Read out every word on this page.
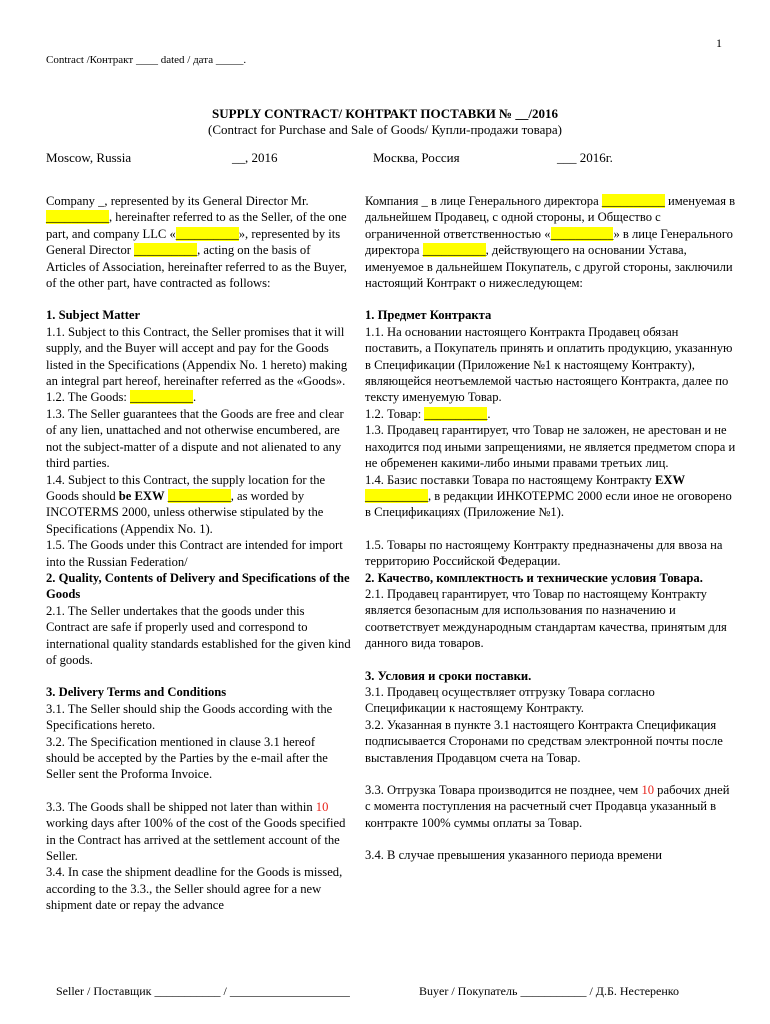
1
Contract /Контракт ____ dated / дата _____.
SUPPLY CONTRACT/ КОНТРАКТ ПОСТАВКИ № __/2016
(Contract for Purchase and Sale of Goods/ Купли-продажи товара)
Moscow, Russia	__, 2016	Москва, Россия	___ 2016г.

Company _, represented by its General Director Mr. __________, hereinafter referred to as the Seller, of the one part, and company LLC «__________», represented by its General Director __________, acting on the basis of Articles of Association, hereinafter referred to as the Buyer, of the other part, have contracted as follows:

1. Subject Matter

1.1. Subject to this Contract, the Seller promises that it will supply, and the Buyer will accept and pay for the Goods listed in the Specifications (Appendix No. 1 hereto) making an integral part hereof, hereinafter referred as the «Goods».

1.2. The Goods: __________.

1.3. The Seller guarantees that the Goods are free and clear of any lien, unattached and not otherwise encumbered, are not the subject-matter of a dispute and not alienated to any third parties.

1.4. Subject to this Contract, the supply location for the Goods should be EXW __________, as worded by INCOTERMS 2000, unless otherwise stipulated by the Specifications (Appendix No. 1).

1.5. The Goods under this Contract are intended for import into the Russian Federation/

2. Quality, Contents of Delivery and Specifications of the Goods

2.1. The Seller undertakes that the goods under this Contract are safe if properly used and correspond to international quality standards established for the given kind of goods.

3. Delivery Terms and Conditions

3.1. The Seller should ship the Goods according with the Specifications hereto.

3.2. The Specification mentioned in clause 3.1 hereof should be accepted by the Parties by the e-mail after the Seller sent the Proforma Invoice.

3.3. The Goods shall be shipped not later than within 10 working days after 100% of the cost of the Goods specified in the Contract has arrived at the settlement account of the Seller.

3.4. In case the shipment deadline for the Goods is missed, according to the 3.3., the Seller should agree for a new shipment date or repay the advance

Компания _ в лице Генерального директора __________ именуемая в дальнейшем Продавец, с одной стороны, и Общество с ограниченной ответственностью «__________» в лице Генерального директора __________, действующего на основании Устава, именуемое в дальнейшем Покупатель, с другой стороны, заключили настоящий Контракт о нижеследующем:

1. Предмет Контракта

1.1. На основании настоящего Контракта Продавец обязан поставить, а Покупатель принять и оплатить продукцию, указанную в Спецификации (Приложение №1 к настоящему Контракту), являющейся неотъемлемой частью настоящего Контракта, далее по тексту именуемую Товар.

1.2. Товар: __________.

1.3. Продавец гарантирует, что Товар не заложен, не арестован и не находится под иными запрещениями, не является предметом спора и не обременен какими-либо иными правами третьих лиц.

1.4. Базис поставки Товара по настоящему Контракту EXW __________, в редакции ИНКОТЕРМС 2000 если иное не оговорено в Спецификациях (Приложение №1).

1.5. Товары по настоящему Контракту предназначены для ввоза на территорию Российской Федерации.

2. Качество, комплектность и технические условия Товара.

2.1. Продавец гарантирует, что Товар по настоящему Контракту является безопасным для использования по назначению и соответствует международным стандартам качества, принятым для данного вида товаров.

3. Условия и сроки поставки.

3.1. Продавец осуществляет отгрузку Товара согласно Спецификации к настоящему Контракту.

3.2. Указанная в пункте 3.1 настоящего Контракта Спецификация подписывается Сторонами по средствам электронной почты после выставления Продавцом счета на Товар.

3.3. Отгрузка Товара производится не позднее, чем 10 рабочих дней с момента поступления на расчетный счет Продавца указанный в контракте 100% суммы оплаты за Товар.

3.4. В случае превышения указанного периода времени

Seller / Поставщик ___________ / ____________________	Buyer / Покупатель ___________ / Д.Б. Нестеренко
